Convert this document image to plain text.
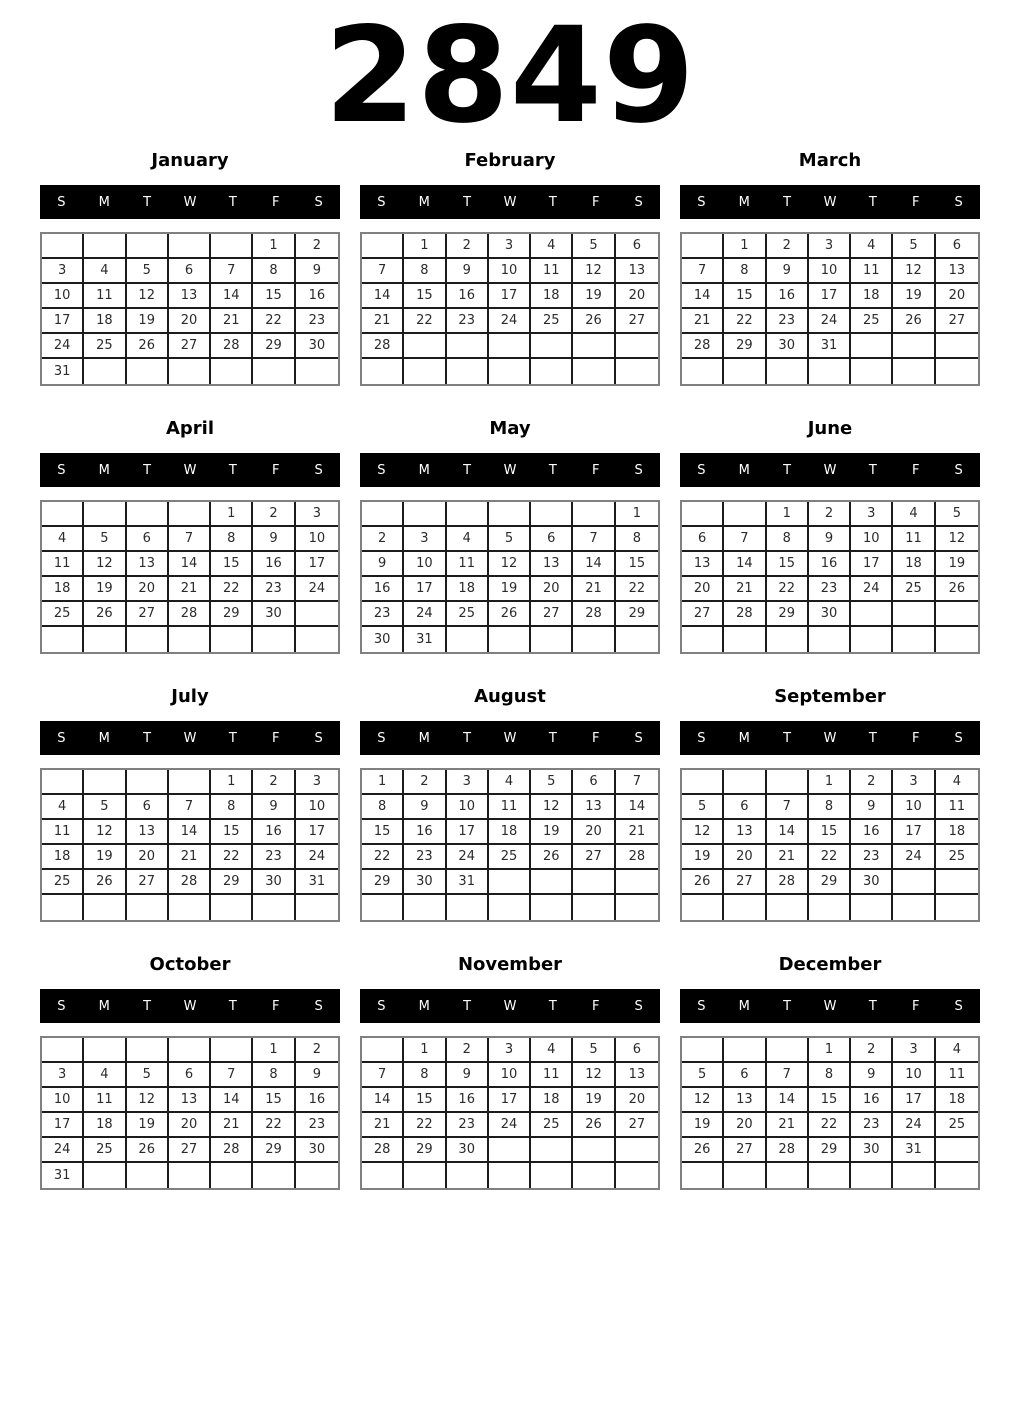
2849
January
S	M	T	W	T	F	S
					1	2
3	4	5	6	7	8	9
10	11	12	13	14	15	16
17	18	19	20	21	22	23
24	25	26	27	28	29	30
31						
February
S	M	T	W	T	F	S
	1	2	3	4	5	6
7	8	9	10	11	12	13
14	15	16	17	18	19	20
21	22	23	24	25	26	27
28						

March
S	M	T	W	T	F	S
	1	2	3	4	5	6
7	8	9	10	11	12	13
14	15	16	17	18	19	20
21	22	23	24	25	26	27
28	29	30	31			

April
S	M	T	W	T	F	S
				1	2	3
4	5	6	7	8	9	10
11	12	13	14	15	16	17
18	19	20	21	22	23	24
25	26	27	28	29	30	

May
S	M	T	W	T	F	S
						1
2	3	4	5	6	7	8
9	10	11	12	13	14	15
16	17	18	19	20	21	22
23	24	25	26	27	28	29
30	31					
June
S	M	T	W	T	F	S
		1	2	3	4	5
6	7	8	9	10	11	12
13	14	15	16	17	18	19
20	21	22	23	24	25	26
27	28	29	30			

July
S	M	T	W	T	F	S
				1	2	3
4	5	6	7	8	9	10
11	12	13	14	15	16	17
18	19	20	21	22	23	24
25	26	27	28	29	30	31

August
S	M	T	W	T	F	S
1	2	3	4	5	6	7
8	9	10	11	12	13	14
15	16	17	18	19	20	21
22	23	24	25	26	27	28
29	30	31				

September
S	M	T	W	T	F	S
			1	2	3	4
5	6	7	8	9	10	11
12	13	14	15	16	17	18
19	20	21	22	23	24	25
26	27	28	29	30		

October
S	M	T	W	T	F	S
					1	2
3	4	5	6	7	8	9
10	11	12	13	14	15	16
17	18	19	20	21	22	23
24	25	26	27	28	29	30
31						
November
S	M	T	W	T	F	S
	1	2	3	4	5	6
7	8	9	10	11	12	13
14	15	16	17	18	19	20
21	22	23	24	25	26	27
28	29	30				

December
S	M	T	W	T	F	S
			1	2	3	4
5	6	7	8	9	10	11
12	13	14	15	16	17	18
19	20	21	22	23	24	25
26	27	28	29	30	31	
